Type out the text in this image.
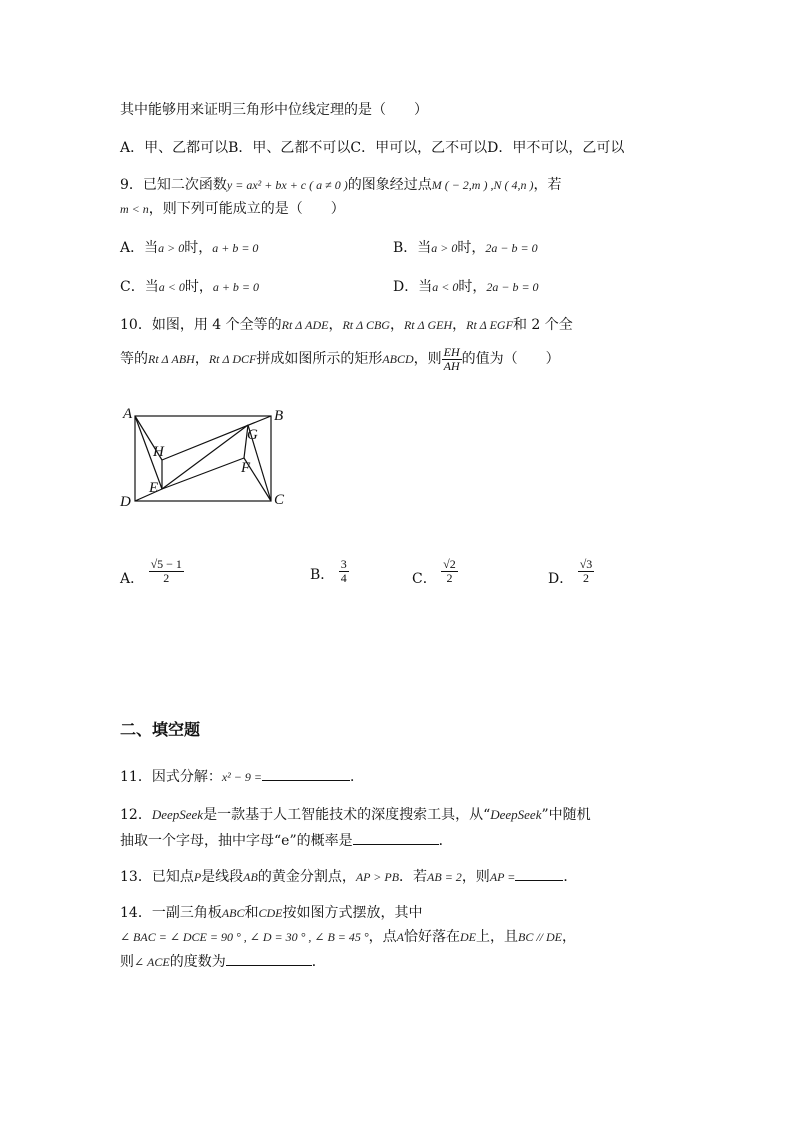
其中能够用来证明三角形中位线定理的是（　　）
A．甲、乙都可以B．甲、乙都不可以C．甲可以，乙不可以D．甲不可以，乙可以
9．已知二次函数y = ax² + bx + c ( a ≠ 0 )的图象经过点M ( − 2,m ) ,N ( 4,n )，若
m < n，则下列可能成立的是（　　）
A．当a > 0时，a + b = 0	B．当a > 0时，2a − b = 0
C．当a < 0时，a + b = 0	D．当a < 0时，2a − b = 0
10．如图，用 4 个全等的Rt Δ ADE，Rt Δ CBG，Rt Δ GEH，Rt Δ EGF和 2 个全
等的Rt Δ ABH，Rt Δ DCF拼成如图所示的矩形ABCD，则 $\frac{EH}{AH}$ 的值为（　　）
A	B
C
D
E
F
G
H
A． $\frac{√5 - 1}{2}$	B． $\frac{3}{4}$	C． $\frac{√2}{2}$	D． $\frac{√3}{2}$
二、填空题
11．因式分解：x² − 9 =	．
12．DeepSeek是一款基于人工智能技术的深度搜索工具，从“DeepSeek”中随机
抽取一个字母，抽中字母“e”的概率是	．
13．已知点P是线段AB的黄金分割点，AP > PB．若AB = 2，则AP =	．
14．一副三角板ABC和CDE按如图方式摆放，其中
∠ BAC = ∠ DCE = 90 ° , ∠ D = 30 ° , ∠ B = 45 °，点A恰好落在DE上，且BC // DE，
则∠ ACE的度数为	．
